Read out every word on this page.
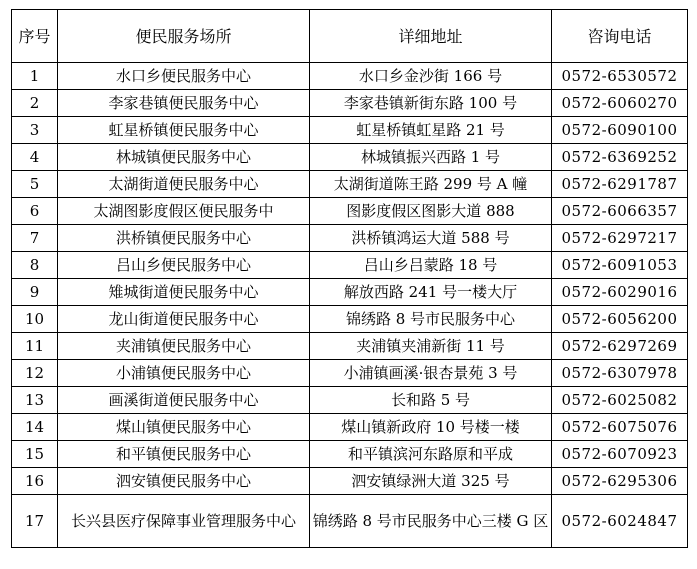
序号	便民服务场所	详细地址	咨询电话
1	水口乡便民服务中心	水口乡金沙街 166 号	0572-6530572
2	李家巷镇便民服务中心	李家巷镇新街东路 100 号	0572-6060270
3	虹星桥镇便民服务中心	虹星桥镇虹星路 21 号	0572-6090100
4	林城镇便民服务中心	林城镇振兴西路 1 号	0572-6369252
5	太湖街道便民服务中心	太湖街道陈王路 299 号 A 幢	0572-6291787
6	太湖图影度假区便民服务中	图影度假区图影大道 888	0572-6066357
7	洪桥镇便民服务中心	洪桥镇鸿运大道 588 号	0572-6297217
8	吕山乡便民服务中心	吕山乡吕蒙路 18 号	0572-6091053
9	雉城街道便民服务中心	解放西路 241 号一楼大厅	0572-6029016
10	龙山街道便民服务中心	锦绣路 8 号市民服务中心	0572-6056200
11	夹浦镇便民服务中心	夹浦镇夹浦新街 11 号	0572-6297269
12	小浦镇便民服务中心	小浦镇画溪·银杏景苑 3 号	0572-6307978
13	画溪街道便民服务中心	长和路 5 号	0572-6025082
14	煤山镇便民服务中心	煤山镇新政府 10 号楼一楼	0572-6075076
15	和平镇便民服务中心	和平镇滨河东路原和平成	0572-6070923
16	泗安镇便民服务中心	泗安镇绿洲大道 325 号	0572-6295306
17	长兴县医疗保障事业管理服务中心	锦绣路 8 号市民服务中心三楼 G 区	0572-6024847
